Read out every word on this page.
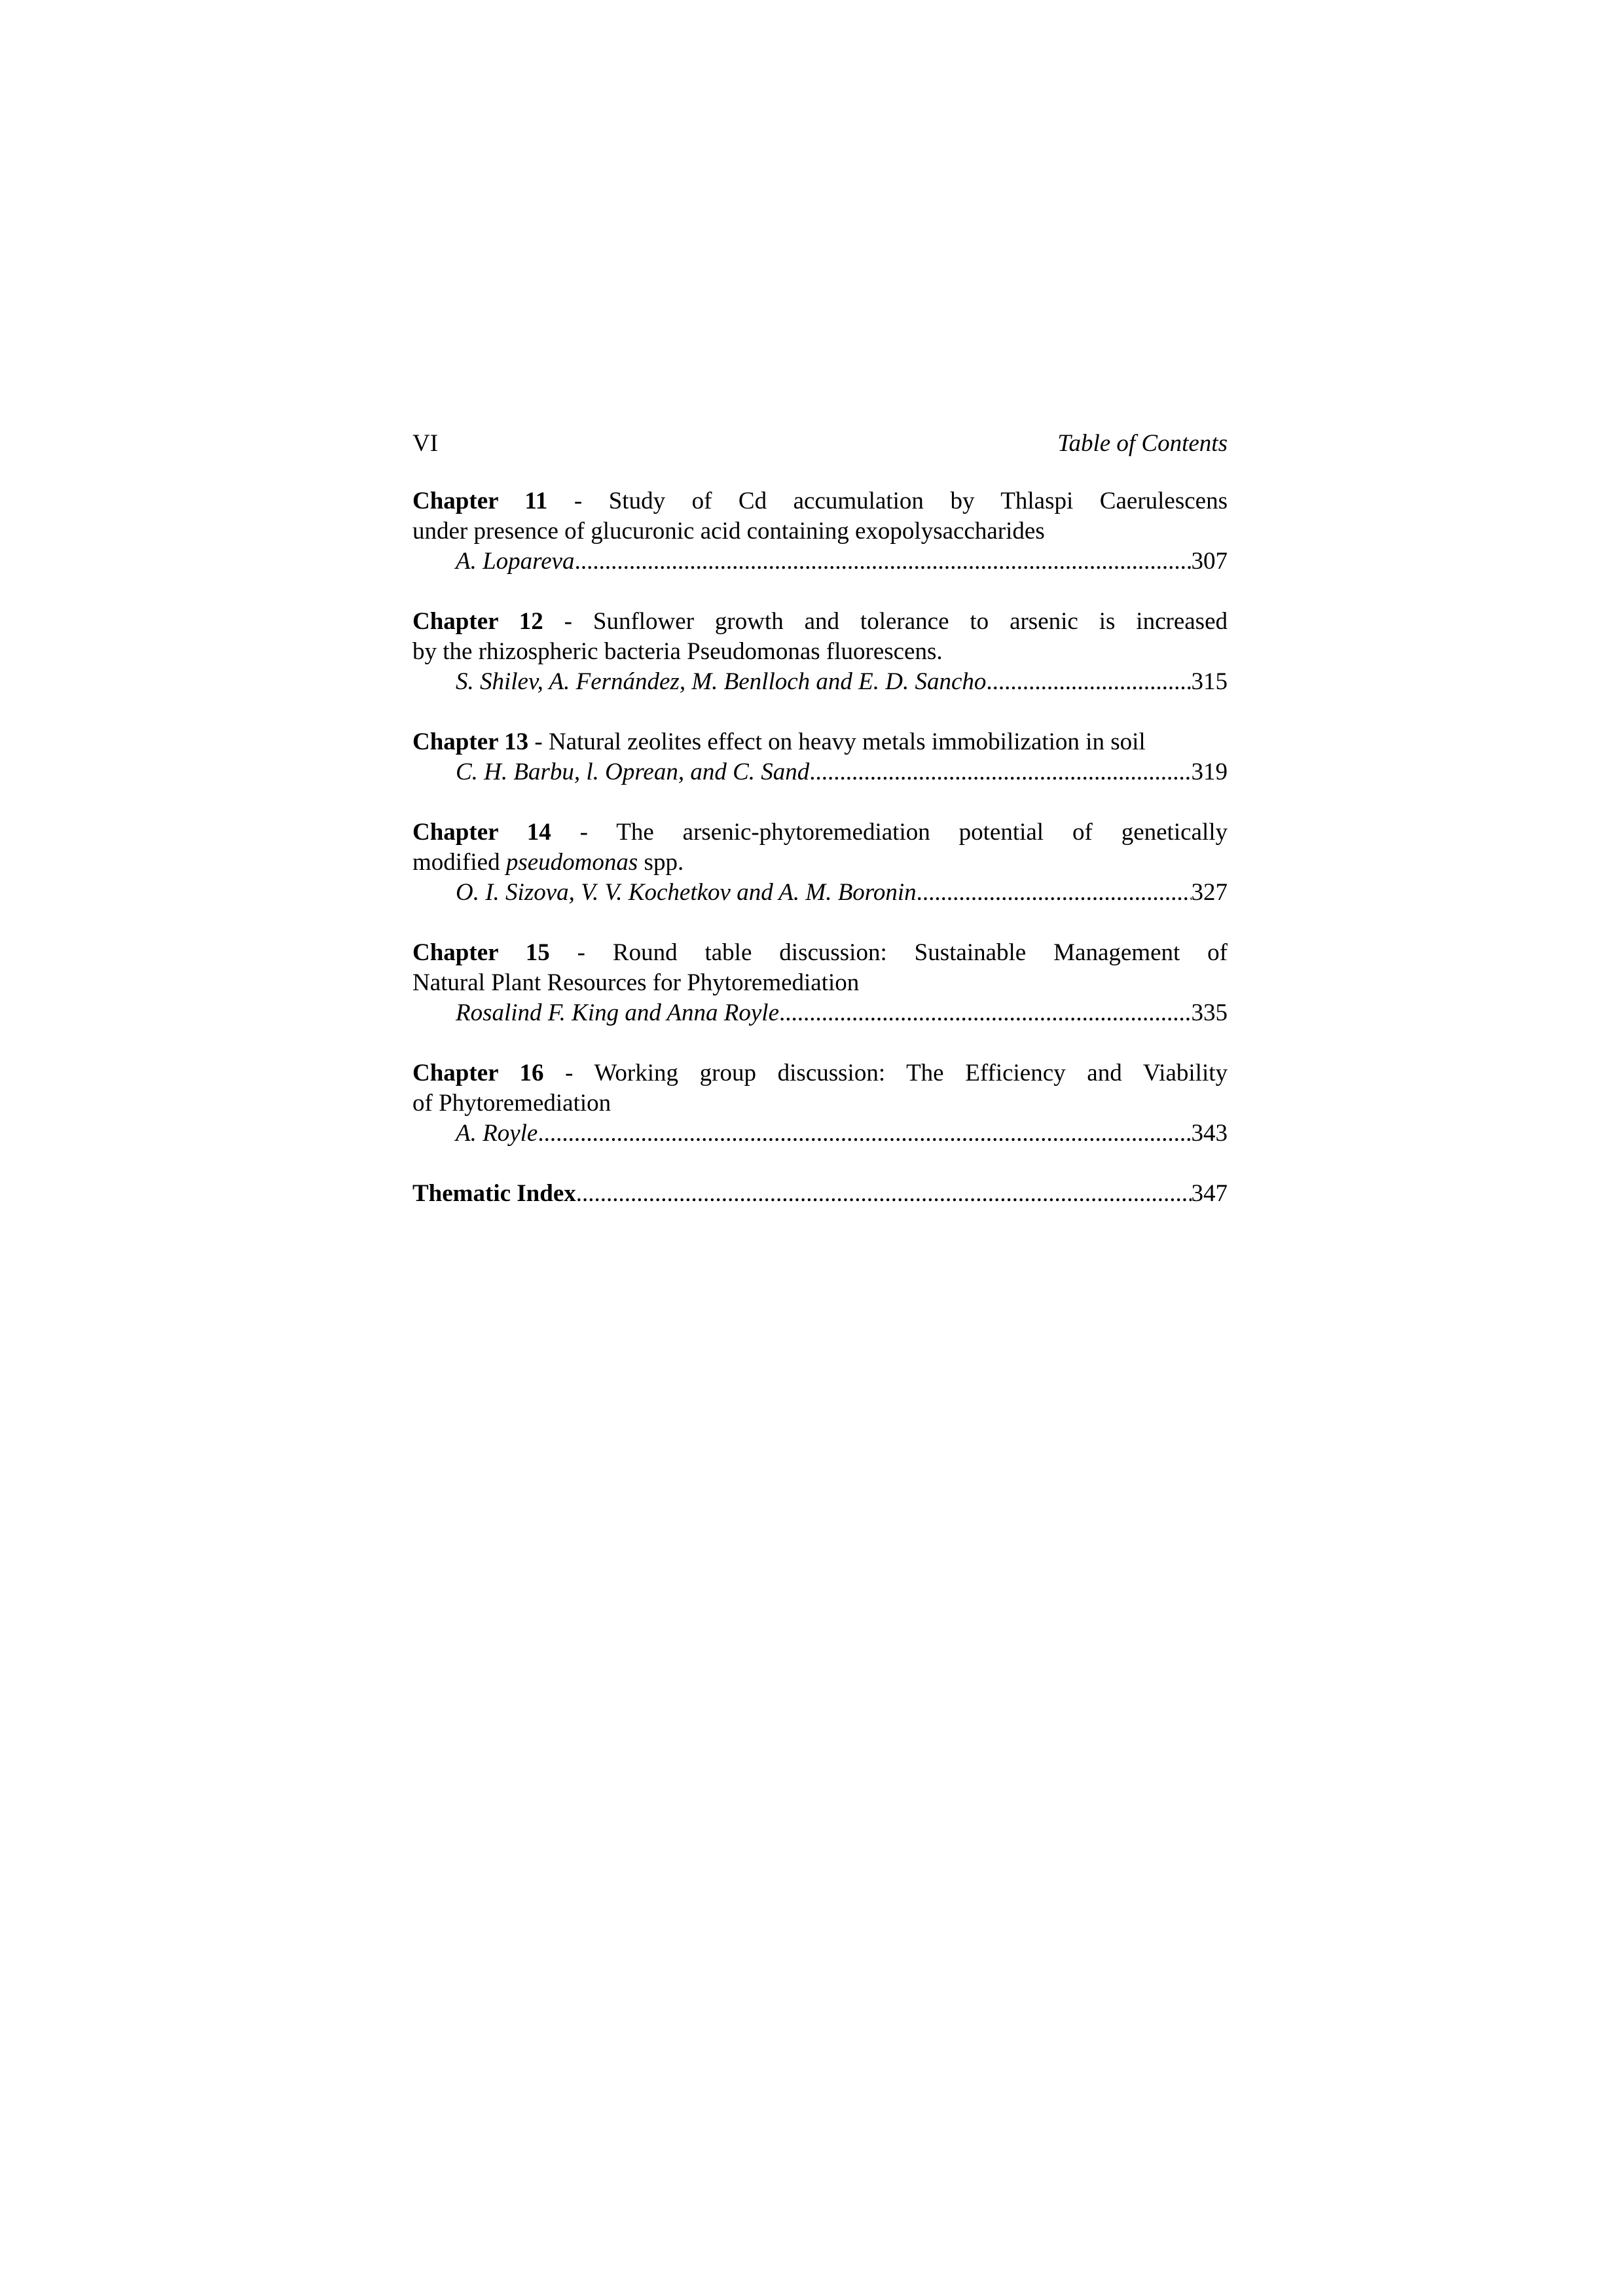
VI	Table of Contents
Chapter 11 - Study of Cd accumulation by Thlaspi Caerulescens
under presence of glucuronic acid containing exopolysaccharides
A. Lopareva .....	307
Chapter 12 - Sunflower growth and tolerance to arsenic is increased
by the rhizospheric bacteria Pseudomonas fluorescens.
S. Shilev, A. Fernández, M. Benlloch and E. D. Sancho .....	315
Chapter 13 - Natural zeolites effect on heavy metals immobilization in soil
C. H. Barbu, l. Oprean, and C. Sand .....	319
Chapter 14 - The arsenic-phytoremediation potential of genetically
modified pseudomonas spp.
O. I. Sizova, V. V. Kochetkov and A. M. Boronin .....	327
Chapter 15 - Round table discussion: Sustainable Management of
Natural Plant Resources for Phytoremediation
Rosalind F. King and Anna Royle .....	335
Chapter 16 - Working group discussion: The Efficiency and Viability
of Phytoremediation
A. Royle .....	343
Thematic Index .....	347
